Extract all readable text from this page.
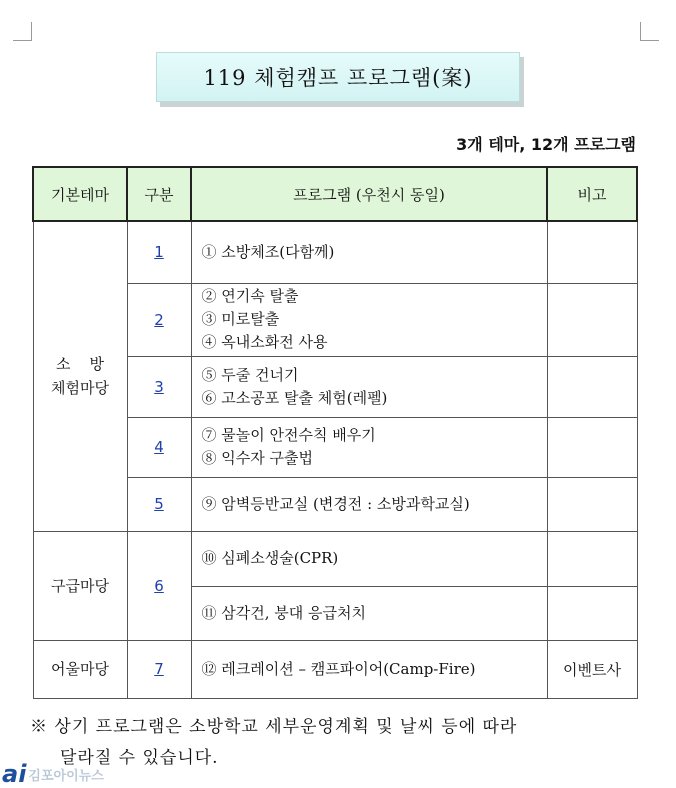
119 체험캠프 프로그램(案)
3개 테마, 12개 프로그램
기본테마	구분	프로그램 (우천시 동일)	비고

소    방
체험마당	1	① 소방체조(다함께)	

	2	② 연기속 탈출
③ 미로탈출
④ 옥내소화전 사용	

	3	⑤ 두줄 건너기
⑥ 고소공포 탈출 체험(레펠)	

	4	⑦ 물놀이 안전수칙 배우기
⑧ 익수자 구출법	

	5	⑨ 암벽등반교실 (변경전 : 소방과학교실)	

구급마당	6	⑩ 심폐소생술(CPR)	

		⑪ 삼각건, 붕대 응급처치	

어울마당	7	⑫ 레크레이션 – 캠프파이어(Camp-Fire)	이벤트사
※ 상기 프로그램은 소방학교 세부운영계획 및 날씨 등에 따라
달라질 수 있습니다.
ai 김포아이뉴스
